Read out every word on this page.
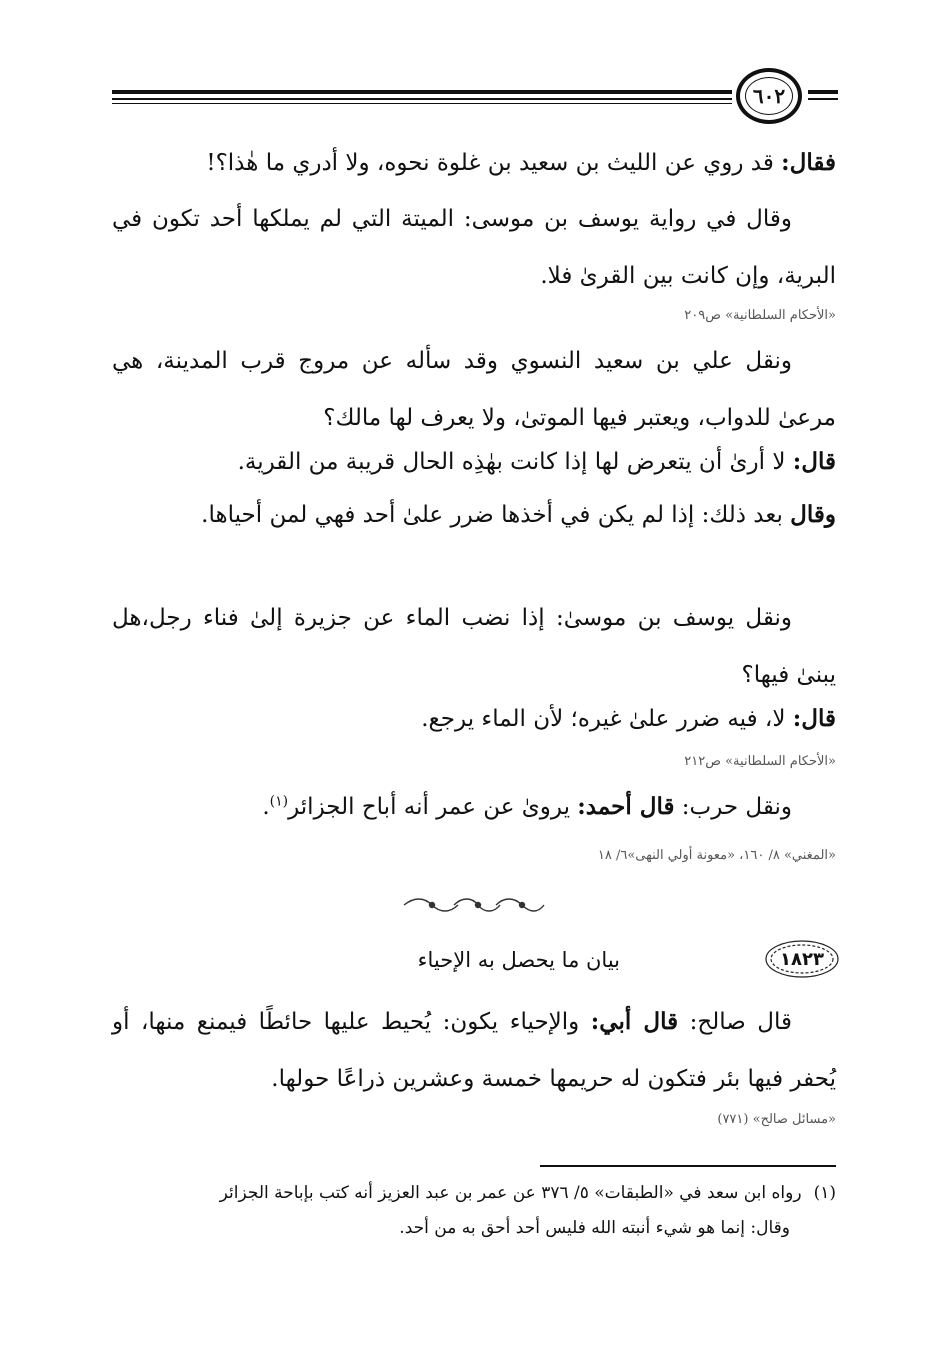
٦٠٢
فقال: قد روي عن الليث بن سعيد بن غلوة نحوه، ولا أدري ما هٰذا؟!
وقال في رواية يوسف بن موسى: الميتة التي لم يملكها أحد تكون في البرية، وإن كانت بين القرىٰ فلا.
«الأحكام السلطانية» ص٢٠٩
ونقل علي بن سعيد النسوي وقد سأله عن مروج قرب المدينة، هي مرعىٰ للدواب، ويعتبر فيها الموتىٰ، ولا يعرف لها مالك؟
قال: لا أرىٰ أن يتعرض لها إذا كانت بهٰذِه الحال قريبة من القرية.
وقال بعد ذلك: إذا لم يكن في أخذها ضرر علىٰ أحد فهي لمن أحياها.
ونقل يوسف بن موسىٰ: إذا نضب الماء عن جزيرة إلىٰ فناء رجل،هل يبنىٰ فيها؟
قال: لا، فيه ضرر علىٰ غيره؛ لأن الماء يرجع.
«الأحكام السلطانية» ص٢١٢
ونقل حرب: قال أحمد: يروىٰ عن عمر أنه أباح الجزائر$^{(١)}$.
«المغني» ٨/ ١٦٠، «معونة أولي النهى»٦/ ١٨
١٨٢٣
بيان ما يحصل به الإحياء
قال صالح: قال أبي: والإحياء يكون: يُحيط عليها حائطًا فيمنع منها، أو يُحفر فيها بئر فتكون له حريمها خمسة وعشرين ذراعًا حولها.
«مسائل صالح» (٧٧١)
(١)رواه ابن سعد في «الطبقات» ٥/ ٣٧٦ عن عمر بن عبد العزيز أنه كتب بإباحة الجزائر
وقال: إنما هو شيء أنبته الله فليس أحد أحق به من أحد.
